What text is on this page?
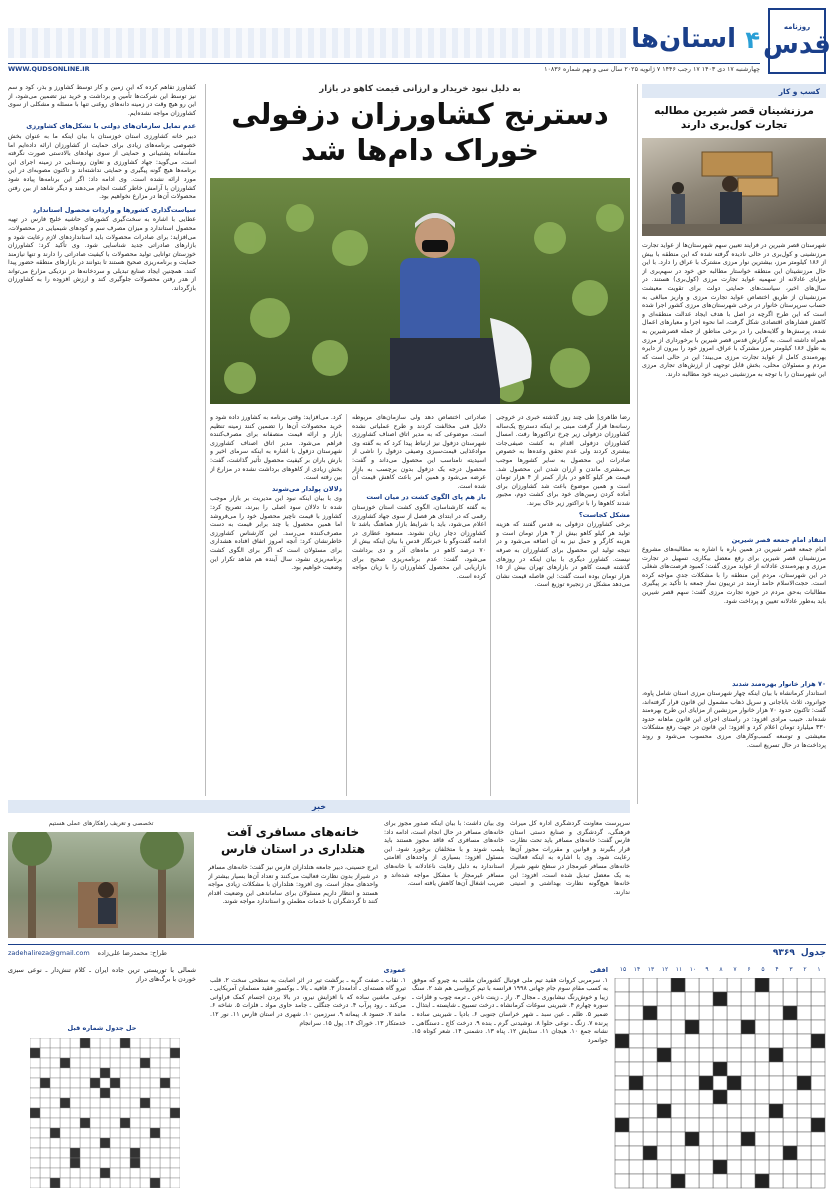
روزنامه
قدس
۴
استان‌ها
چهارشنبه ۱۷ دی ۱۴۰۳ ۱۷ رجب ۱۴۴۶ ۷ ژانویه ۲۰۲۵ سال سی و نهم شماره ۱۰۸۳۶
WWW.QUDSONLINE.IR
کسب و کار
مرزنشینان قصر شیرین مطالبه تجارت کول‌بری دارند

شهرستان قصر شیرین در فرایند تعیین سهم شهرستان‌ها از عواید تجارت مرزنشینی و کول‌بری در حالی نادیده گرفته شده که این منطقه با بیش از ۱۸۶ کیلومتر مرز، بیشترین نوار مرزی مشترک با عراق را دارد. با این حال مرزنشینان این منطقه خواستار مطالبه حق خود در سهم‌بری از مزایای عادلانه از سهمیه عواید تجارت مرزی (کول‌بری) هستند. در سال‌های اخیر، سیاست‌های حمایتی دولت برای تقویت معیشت مرزنشینان از طریق اختصاص عواید تجارت مرزی و واریز مبالغی به حساب سرپرستان خانوار در برخی شهرستان‌های مرزی کشور اجرا شده است که این طرح اگرچه در اصل با هدف ایجاد عدالت منطقه‌ای و کاهش فشارهای اقتصادی شکل گرفت، اما نحوه اجرا و معیارهای اعمال شده، پرسش‌ها و گلایه‌هایی را در برخی مناطق از جمله قصرشیرین به همراه داشته است. به گزارش قدس قصر شیرین با برخورداری از مرزی به طول ۱۸۶ کیلومتر مرز مشترک با عراق، امروز خود را بیرون از دایره بهره‌مندی کامل از عواید تجارت مرزی می‌بیند؛ این در حالی است که مردم و مسئولان محلی، بخش قابل توجهی از ارزش‌های تجاری مرزی این شهرستان را با توجه به مرزنشینی دیرینه خود مطالبه دارند.

انتقاد امام جمعه قصر شیرین

امام جمعه قصر شیرین در همین باره با اشاره به مطالبه‌های مشروع مرزنشینان قصر شیرین برای رفع معضل بیکاری، تسهیل در تجارت مرزی و بهره‌مندی عادلانه از عواید مرزی گفت: کمبود فرصت‌های شغلی در این شهرستان، مردم این منطقه را با مشکلات جدی مواجه کرده است. حجت‌الاسلام حامد آرمند در تریبون نماز جمعه با تأکید بر پیگیری مطالبات به‌حق مردم در حوزه تجارت مرزی گفت: سهم قصر شیرین باید به‌طور عادلانه تعیین و پرداخت شود.

۷۰ هزار خانوار بهره‌مند شدند

استاندار کرمانشاه با بیان اینکه چهار شهرستان مرزی استان شامل پاوه، جوانرود، ثلاث باباجانی و سرپل ذهاب مشمول این قانون قرار گرفته‌اند، گفت: تاکنون حدود ۷۰ هزار خانوار مرزنشین از مزایای این طرح بهره‌مند شده‌اند. حبیب مرادی افزود: در راستای اجرای این قانون ماهانه حدود ۳۳۰ میلیارد تومان اعلام کرد و افزود: این قانون در جهت رفع مشکلات معیشتی و توسعه کسب‌وکارهای مرزی محسوب می‌شود و روند پرداخت‌ها در حال تسریع است.

به دلیل نبود خریدار و ارزانی قیمت کاهو در بازار
دسترنج کشاورزان دزفولی
خوراک دام‌ها شد

رضا طاهری| طی چند روز گذشته خبری در خروجی رسانه‌ها قرار گرفت مبنی بر اینکه دسترنج یک‌ساله کشاورزان دزفولی زیر چرخ تراکتورها رفت. امسال کشاورزان دزفولی اقدام به کشت صیفی‌جات بیشتری کردند ولی عدم تحقق وعده‌ها به خصوص صادرات این محصول به سایر کشورها موجب بی‌مشتری ماندن و ارزان شدن این محصول شد. قیمت هر کیلو کاهو در بازار کمتر از ۴ هزار تومان است و همین موضوع باعث شد کشاورزان برای آماده کردن زمین‌های خود برای کشت دوم، مجبور شدند کاهوها را با تراکتور زیر خاک ببرند.

مشکل کجاست؟

برخی کشاورزان دزفولی به قدس گفتند که هزینه تولید هر کیلو کاهو بیش از ۴ هزار تومان است و هزینه کارگر و حمل نیز به آن اضافه می‌شود و در نتیجه تولید این محصول برای کشاورزان به صرفه نیست. کشاورز دیگری با بیان اینکه در روزهای گذشته قیمت کاهو در بازارهای تهران بیش از ۱۵ هزار تومان بوده است گفت: این فاصله قیمت نشان می‌دهد مشکل در زنجیره توزیع است.

صادراتی اختصاص دهد ولی سازمان‌های مربوطه دلایل فنی مخالفت کردند و طرح عملیاتی نشده است. موضوعی که به مدیر اتاق اصناف کشاورزی شهرستان دزفول نیز ارتباط پیدا کرد که به گفته وی موادغذایی قیمت‌سبزی وصیفی دزفول را ناشی از اسیدیته نامناسب این محصول می‌داند و گفت: محصول درجه یک دزفول بدون برچسب به بازار عرضه می‌شود و همین امر باعث کاهش قیمت آن شده است.

باز هم پای الگوی کشت در میان است

به گفته کارشناسان، الگوی کشت استان خوزستان رقمی که در ابتدای هر فصل از سوی جهاد کشاورزی اعلام می‌شود، باید با شرایط بازار هماهنگ باشد تا کشاورزان دچار زیان نشوند. مسعود عطاری در ادامه گفت‌وگو با خبرنگار قدس با بیان اینکه بیش از ۷۰ درصد کاهو در ماه‌های آذر و دی برداشت می‌شود، گفت: عدم برنامه‌ریزی صحیح برای بازاریابی این محصول کشاورزان را با زیان مواجه کرده است.

کرد. می‌افزاید: وقتی برنامه به کشاورز داده شود و خرید محصولات آن‌ها را تضمین کنند زمینه تنظیم بازار و ارائه قیمت منصفانه برای مصرف‌کننده فراهم می‌شود. مدیر اتاق اصناف کشاورزی شهرستان دزفول با اشاره به اینکه سرمای اخیر و بارش باران بر کیفیت محصول تأثیر گذاشت، گفت: بخش زیادی از کاهوهای برداشت نشده در مزارع از بین رفته است.

دلالان پولدار می‌شوند

وی با بیان اینکه نبود این مدیریت بر بازار موجب شده تا دلالان سود اصلی را ببرند، تصریح کرد: کشاورز با قیمت ناچیز محصول خود را می‌فروشد اما همین محصول با چند برابر قیمت به دست مصرف‌کننده می‌رسد. این کارشناس کشاورزی خاطرنشان کرد: آنچه امروز اتفاق افتاده هشداری برای مسئولان است که اگر برای الگوی کشت برنامه‌ریزی نشود، سال آینده هم شاهد تکرار این وضعیت خواهیم بود.

کشاورز تفاهم کرده که این زمین و کار توسط کشاورز و بذر، کود و سم نیز توسط این شرکت‌ها تأمین و برداشت و خرید نیز تضمین می‌شود، از این رو هیچ وقت در زمینه دانه‌های روغنی تنها با مسئله و مشکلی از سوی کشاورزان مواجه نشده‌ایم.

عدم تمایل سازمان‌های دولتی با تشکل‌های کشاورزی

دبیر خانه کشاورزی استان خوزستان با بیان اینکه ما به عنوان بخش خصوصی برنامه‌های زیادی برای حمایت از کشاورزان ارائه داده‌ایم اما متأسفانه پشتیبانی و حمایتی از سوی نهادهای بالادستی صورت نگرفته است، می‌گوید: جهاد کشاورزی و تعاون روستایی در زمینه اجرای این برنامه‌ها هیچ گونه پیگیری و حمایتی نداشته‌اند و تاکنون مصوبه‌ای در این مورد ارائه نشده است. وی ادامه داد: اگر این برنامه‌ها پیاده شود کشاورزان با آرامش خاطر کشت انجام می‌دهند و دیگر شاهد از بین رفتن محصولات آن‌ها در مزارع نخواهیم بود.

سیاست‌گذاری کشورها و واردات محصول استاندارد

عطایی با اشاره به سخت‌گیری کشورهای حاشیه خلیج فارس در تهیه محصول استاندارد و میزان مصرف سم و کودهای شیمیایی در محصولات، می‌افزاید: برای صادرات محصولات باید استانداردهای لازم رعایت شود و بازارهای صادراتی جدید شناسایی شود. وی تأکید کرد: کشاورزان خوزستان توانایی تولید محصولات با کیفیت صادراتی را دارند و تنها نیازمند حمایت و برنامه‌ریزی صحیح هستند تا بتوانند در بازارهای منطقه حضور پیدا کنند. همچنین ایجاد صنایع تبدیلی و سردخانه‌ها در نزدیکی مزارع می‌تواند از هدر رفتن محصولات جلوگیری کند و ارزش افزوده را به کشاورزان بازگرداند.

خبر

سرپرست معاونت گردشگری اداره کل میراث فرهنگی، گردشگری و صنایع دستی استان فارس گفت: خانه‌های مسافر باید تحت نظارت قرار بگیرند و قوانین و مقررات مجوز آن‌ها رعایت شود. وی با اشاره به اینکه فعالیت خانه‌های مسافر غیرمجاز در سطح شهر شیراز به یک معضل تبدیل شده است، افزود: این خانه‌ها هیچ‌گونه نظارت بهداشتی و امنیتی ندارند.

وی بیان داشت: با بیان اینکه صدور مجوز برای خانه‌های مسافر در حال انجام است، ادامه داد: خانه‌های مسافری که فاقد مجوز هستند باید پلمب شوند و با متخلفان برخورد شود. این مسئول افزود: بسیاری از واحدهای اقامتی استاندارد به دلیل رقابت ناعادلانه با خانه‌های مسافر غیرمجاز با مشکل مواجه شده‌اند و ضریب اشغال آن‌ها کاهش یافته است.

خانه‌های مسافری آفت هتلداری در استان فارس

ایرج حسینی، دبیر جامعه هتلداران فارس نیز گفت: خانه‌های مسافر در شیراز بدون نظارت فعالیت می‌کنند و تعداد آن‌ها بسیار بیشتر از واحدهای مجاز است. وی افزود: هتلداران با مشکلات زیادی مواجه هستند و انتظار داریم مسئولان برای ساماندهی این وضعیت اقدام کنند تا گردشگران با خدمات مطمئن و استاندارد مواجه شوند.

تخصصی و تعریف راهکارهای عملی هستیم
جدول
۹۳۶۹
طراح: محمدرضا علی‌زاده
zadehalireza@gmail.com
۱
۲
۳
۴
۵
۶
۷
۸
۹
۱۰
۱۱
۱۲
۱۳
۱۴
۱۵

افقی

۱. سرمربی کروات فقید تیم ملی فوتبال کشورمان ملقب به چیرو که موفق به کسب مقام سوم جام جهانی ۱۹۹۸ فرانسه با تیم کرواسی هم شد ۲. سنگ زیبا و خوش‌رنگ نیشابوری ـ مجال ۳. راز ـ زینت ناخن ـ ترمه چوب و فلزات ـ سوره چهارم ۴. شیرینی سوغات کرمانشاه ـ درخت تسبیح ـ شایسته ـ ابتذال ـ ضمیر ۵. ظلم ـ عین سبد ـ شهر خراسان جنوبی ۶. بادپا ـ شیرینی ساده ـ پرنده ۷. زنگ ـ نوعی حلوا ۸. نوشیدنی گرم ـ بنده ۹. درخت کاج ـ دستگاهی ـ نشانه جمع ۱۰. هیجان ۱۱. ستایش ۱۲. پناه ۱۳. دشمنی ۱۴. شعر کوتاه ۱۵. جوانمرد

عمودی

۱. نقاب ـ صفت گربه ـ برگشت تیر در اثر اصابت به سطحی سخت ۲. قلب تیرو گاه هسته‌ای ـ آدامه‌دار ۳. قافیه ـ بالا ـ بوکسور فقید مسلمان آمریکایی ـ نوعی ماشین ساده که با افزایش نیرو، در بالا بردن اجسام کمک فراوانی می‌کند ـ رود پرآب ۴. درخت جنگلی ـ جامد حاوی مواد ـ فلزات ۵. شاخه ۶. مانند ۷. حسود ۸. پیمانه ۹. سرزمین ۱۰. شهری در استان فارس ۱۱. نور ۱۲. خدمتکار ۱۳. خوراک ۱۴. پول ۱۵. سرانجام

شمالی با توریستی ترین جاده ایران ـ کلام تنش‌دار ـ نوعی سبزی خوردن با برگ‌های دراز
حل جدول شماره قبل
